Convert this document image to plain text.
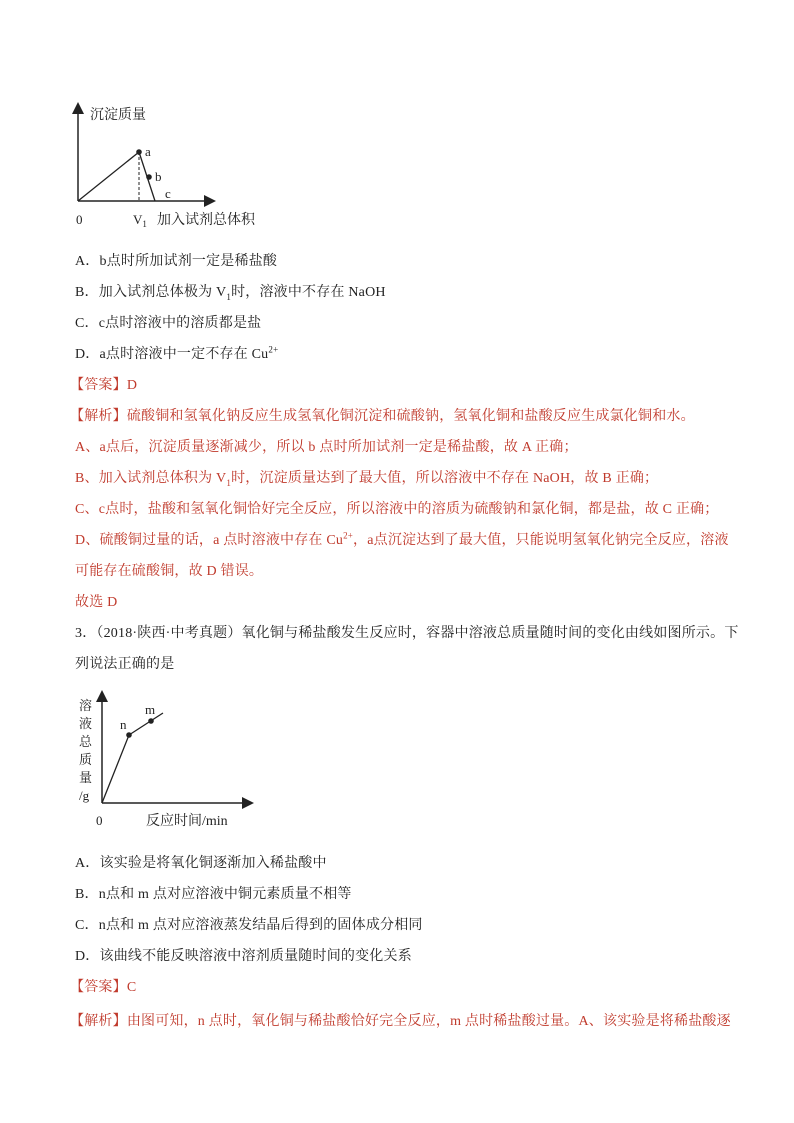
沉淀质量
a
b
c
0	$V_1$ 加入试剂总体积
A．b点时所加试剂一定是稀盐酸
B．加入试剂总体极为 $V_1$时，溶液中不存在 NaOH
C．c点时溶液中的溶质都是盐
D．a点时溶液中一定不存在 $Cu^{2+}$
【答案】D
【解析】硫酸铜和氢氧化钠反应生成氢氧化铜沉淀和硫酸钠，氢氧化铜和盐酸反应生成氯化铜和水。
A、a点后，沉淀质量逐渐减少，所以 b 点时所加试剂一定是稀盐酸，故 A 正确；
B、加入试剂总体积为 $V_1$时，沉淀质量达到了最大值，所以溶液中不存在 NaOH，故 B 正确；
C、c点时，盐酸和氢氧化铜恰好完全反应，所以溶液中的溶质为硫酸钠和氯化铜，都是盐，故 C 正确；
D、硫酸铜过量的话，a 点时溶液中存在 $Cu^{2+}$，a点沉淀达到了最大值，只能说明氢氧化钠完全反应，溶液
可能存在硫酸铜，故 D 错误。
故选 D
3．（2018·陕西·中考真题）氧化铜与稀盐酸发生反应时，容器中溶液总质量随时间的变化由线如图所示。下
列说法正确的是
n
m
溶
液
总
质
量
/g
0	反应时间/min
A．该实验是将氧化铜逐渐加入稀盐酸中
B．n点和 m 点对应溶液中铜元素质量不相等
C．n点和 m 点对应溶液蒸发结晶后得到的固体成分相同
D．该曲线不能反映溶液中溶剂质量随时间的变化关系
【答案】C
【解析】由图可知，n 点时，氧化铜与稀盐酸恰好完全反应，m 点时稀盐酸过量。A、该实验是将稀盐酸逐
